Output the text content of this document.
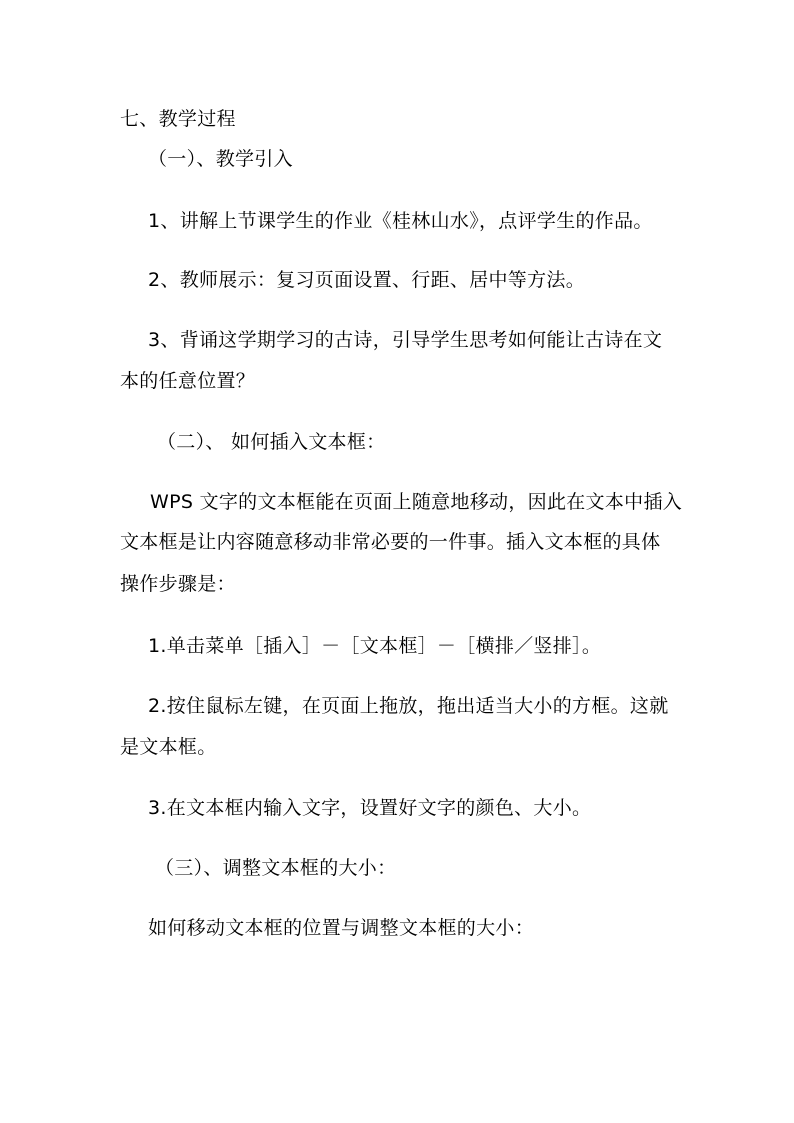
七、教学过程
（一）、教学引入
1、讲解上节课学生的作业《桂林山水》，点评学生的作品。
2、教师展示：复习页面设置、行距、居中等方法。
3、背诵这学期学习的古诗，引导学生思考如何能让古诗在文
本的任意位置？
（二）、 如何插入文本框：
WPS 文字的文本框能在页面上随意地移动，因此在文本中插入
文本框是让内容随意移动非常必要的一件事。插入文本框的具体
操作步骤是：
1.单击菜单［插入］－［文本框］－［横排／竖排］。
2.按住鼠标左键，在页面上拖放，拖出适当大小的方框。这就
是文本框。
3.在文本框内输入文字，设置好文字的颜色、大小。
（三）、调整文本框的大小：
如何移动文本框的位置与调整文本框的大小：
